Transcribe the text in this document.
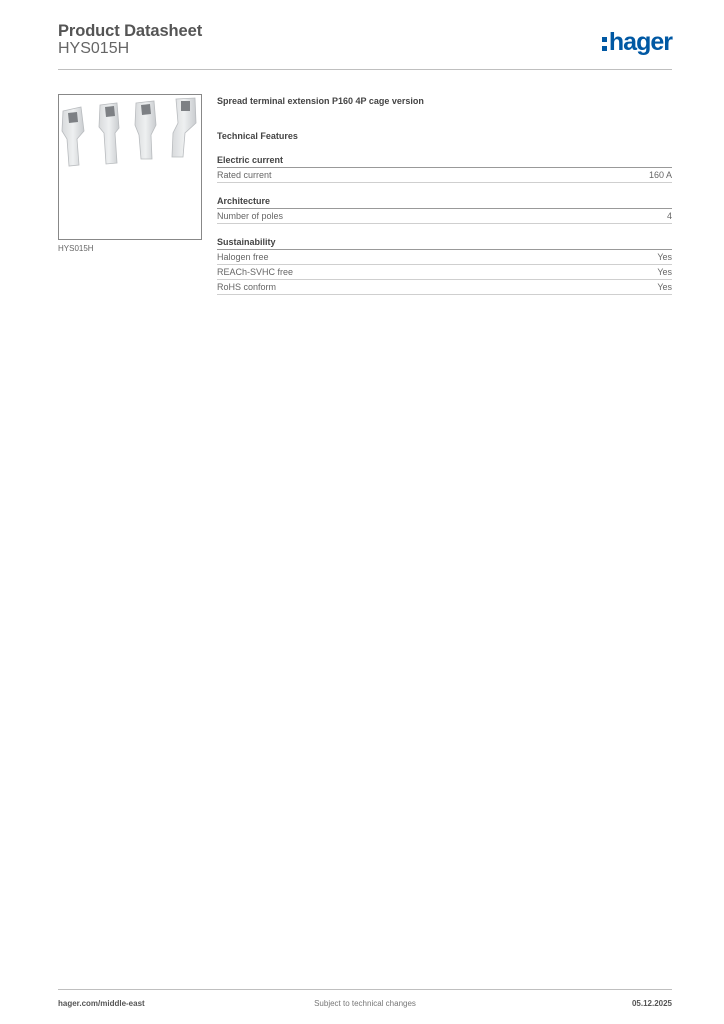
Product Datasheet
HYS015H	hager
HYS015H
Spread terminal extension P160 4P cage version
Technical Features
Electric current
Rated current	160 A
Architecture
Number of poles	4
Sustainability
Halogen free	Yes
REACh-SVHC free	Yes
RoHS conform	Yes
hager.com/middle-east	Subject to technical changes	05.12.2025
